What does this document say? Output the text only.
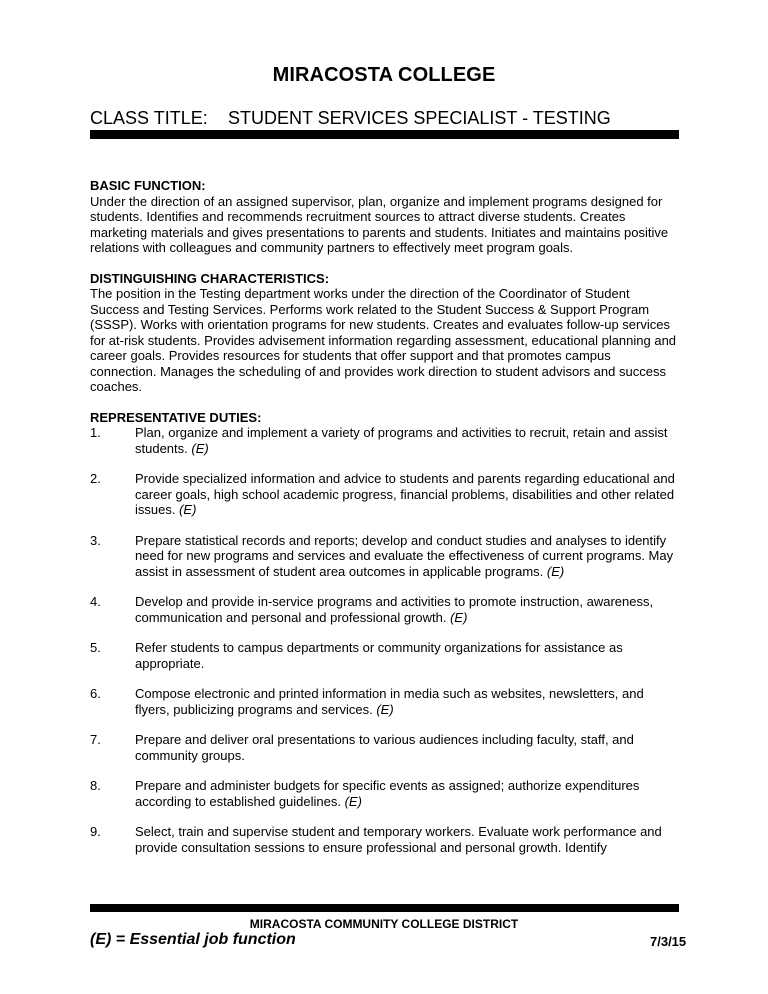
MIRACOSTA COLLEGE
CLASS TITLE: STUDENT SERVICES SPECIALIST - TESTING
BASIC FUNCTION:
Under the direction of an assigned supervisor, plan, organize and implement programs designed for students. Identifies and recommends recruitment sources to attract diverse students. Creates marketing materials and gives presentations to parents and students. Initiates and maintains positive relations with colleagues and community partners to effectively meet program goals.
DISTINGUISHING CHARACTERISTICS:
The position in the Testing department works under the direction of the Coordinator of Student Success and Testing Services. Performs work related to the Student Success & Support Program (SSSP). Works with orientation programs for new students. Creates and evaluates follow-up services for at-risk students. Provides advisement information regarding assessment, educational planning and career goals. Provides resources for students that offer support and that promotes campus connection. Manages the scheduling of and provides work direction to student advisors and success coaches.
REPRESENTATIVE DUTIES:
1.	Plan, organize and implement a variety of programs and activities to recruit, retain and assist students. (E)
2.	Provide specialized information and advice to students and parents regarding educational and career goals, high school academic progress, financial problems, disabilities and other related issues. (E)
3.	Prepare statistical records and reports; develop and conduct studies and analyses to identify need for new programs and services and evaluate the effectiveness of current programs. May assist in assessment of student area outcomes in applicable programs. (E)
4.	Develop and provide in-service programs and activities to promote instruction, awareness, communication and personal and professional growth. (E)
5.	Refer students to campus departments or community organizations for assistance as appropriate.
6.	Compose electronic and printed information in media such as websites, newsletters, and flyers, publicizing programs and services. (E)
7.	Prepare and deliver oral presentations to various audiences including faculty, staff, and community groups.
8.	Prepare and administer budgets for specific events as assigned; authorize expenditures according to established guidelines. (E)
9.	Select, train and supervise student and temporary workers. Evaluate work performance and provide consultation sessions to ensure professional and personal growth. Identify
MIRACOSTA COMMUNITY COLLEGE DISTRICT
(E) = Essential job function	7/3/15
